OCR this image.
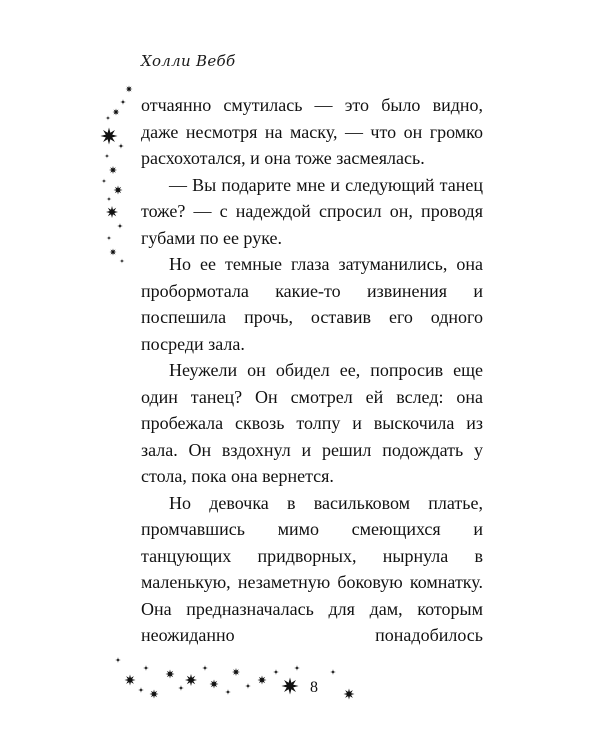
Холли Вебб

отчаянно смутилась — это было видно, даже несмотря на маску, — что он громко расхохотался, и она тоже засмеялась.

— Вы подарите мне и следующий танец тоже? — с надеждой спросил он, проводя губами по ее руке.

Но ее темные глаза затуманились, она пробормотала какие-то извинения и поспешила прочь, оставив его одного посреди зала.

Неужели он обидел ее, попросив еще один танец? Он смотрел ей вслед: она пробежала сквозь толпу и выскочила из зала. Он вздохнул и решил подождать у стола, пока она вернется.

Но девочка в васильковом платье, промчавшись мимо смеющихся и танцующих придворных, нырнула в маленькую, незаметную боковую комнатку. Она предназначалась для дам, которым неожиданно понадобилось

8
